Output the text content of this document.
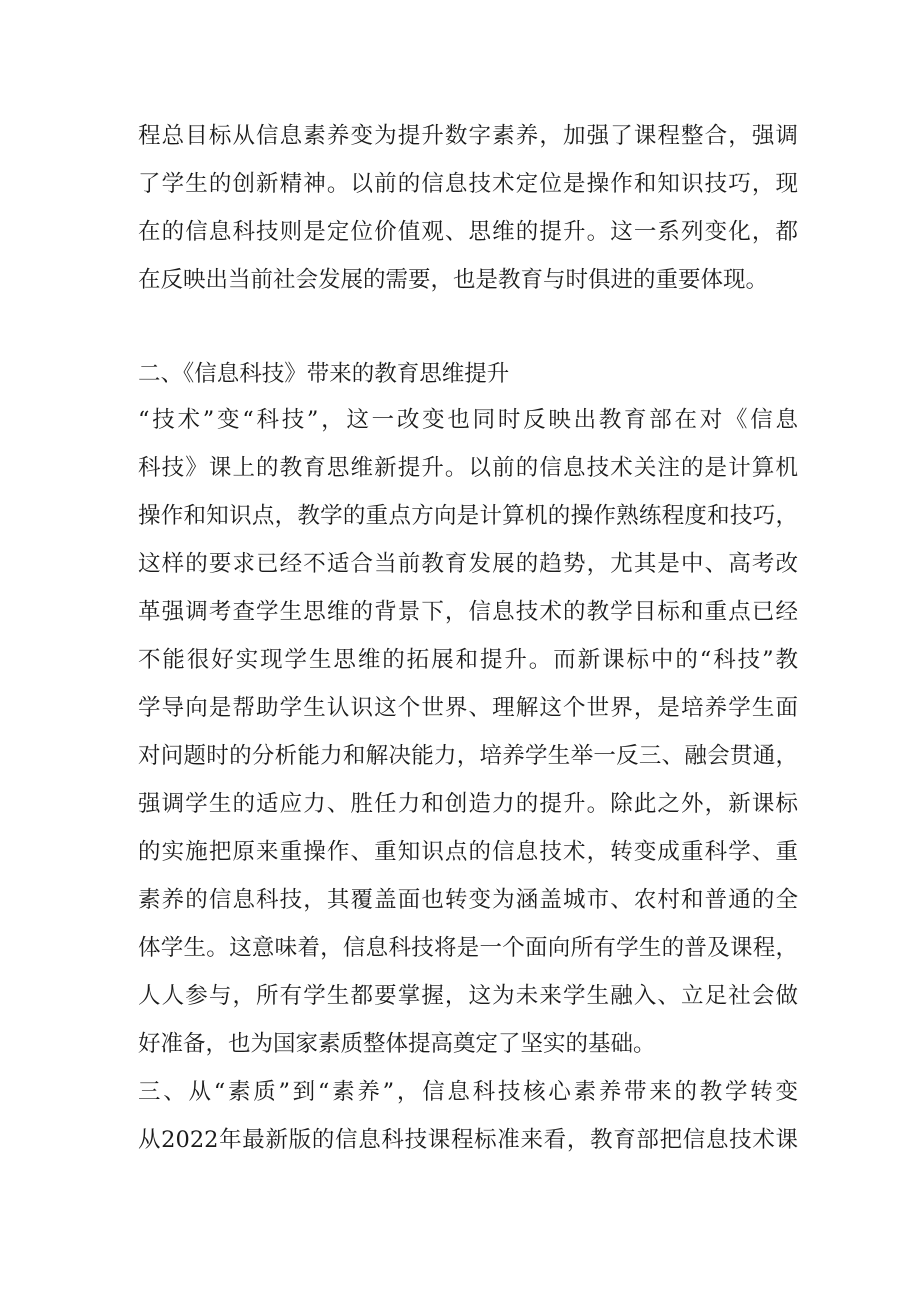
程总目标从信息素养变为提升数字素养，加强了课程整合，强调
了学生的创新精神。以前的信息技术定位是操作和知识技巧，现
在的信息科技则是定位价值观、思维的提升。这一系列变化，都
在反映出当前社会发展的需要，也是教育与时俱进的重要体现。
二、《信息科技》带来的教育思维提升
“技术”变“科技”，这一改变也同时反映出教育部在对《信息
科技》课上的教育思维新提升。以前的信息技术关注的是计算机
操作和知识点，教学的重点方向是计算机的操作熟练程度和技巧，
这样的要求已经不适合当前教育发展的趋势，尤其是中、高考改
革强调考查学生思维的背景下，信息技术的教学目标和重点已经
不能很好实现学生思维的拓展和提升。而新课标中的“科技”教
学导向是帮助学生认识这个世界、理解这个世界，是培养学生面
对问题时的分析能力和解决能力，培养学生举一反三、融会贯通，
强调学生的适应力、胜任力和创造力的提升。除此之外，新课标
的实施把原来重操作、重知识点的信息技术，转变成重科学、重
素养的信息科技，其覆盖面也转变为涵盖城市、农村和普通的全
体学生。这意味着，信息科技将是一个面向所有学生的普及课程，
人人参与，所有学生都要掌握，这为未来学生融入、立足社会做
好准备，也为国家素质整体提高奠定了坚实的基础。
三、从“素质”到“素养”，信息科技核心素养带来的教学转变
从2022年最新版的信息科技课程标准来看，教育部把信息技术课
